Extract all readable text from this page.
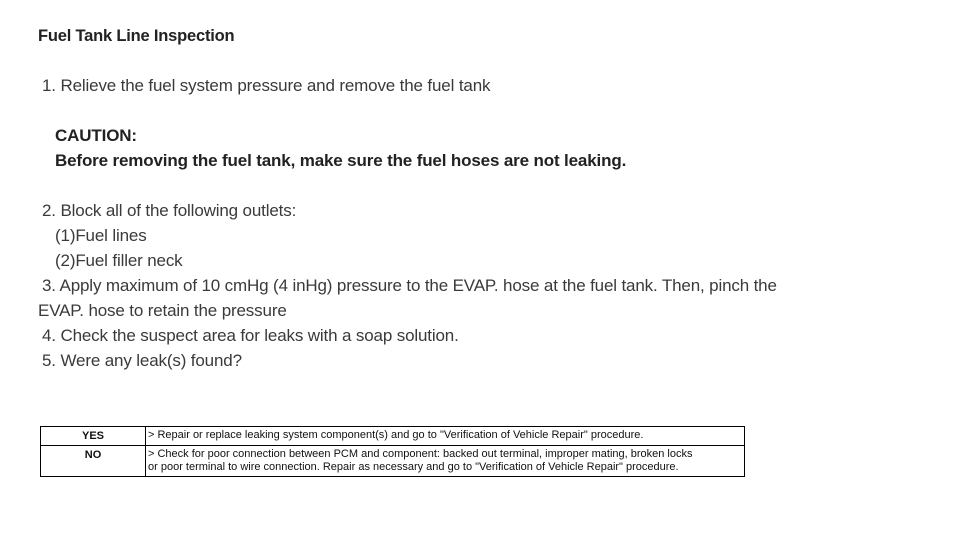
Fuel Tank Line Inspection
1. Relieve the fuel system pressure and remove the fuel tank
CAUTION:
Before removing the fuel tank, make sure the fuel hoses are not leaking.
2. Block all of the following outlets:
(1)Fuel lines
(2)Fuel filler neck
3. Apply maximum of 10 cmHg (4 inHg) pressure to the EVAP. hose at the fuel tank. Then, pinch the
EVAP. hose to retain the pressure
4. Check the suspect area for leaks with a soap solution.
5. Were any leak(s) found?
YES	> Repair or replace leaking system component(s) and go to "Verification of Vehicle Repair" procedure.
NO	> Check for poor connection between PCM and component: backed out terminal, improper mating, broken locks
or poor terminal to wire connection. Repair as necessary and go to "Verification of Vehicle Repair" procedure.
